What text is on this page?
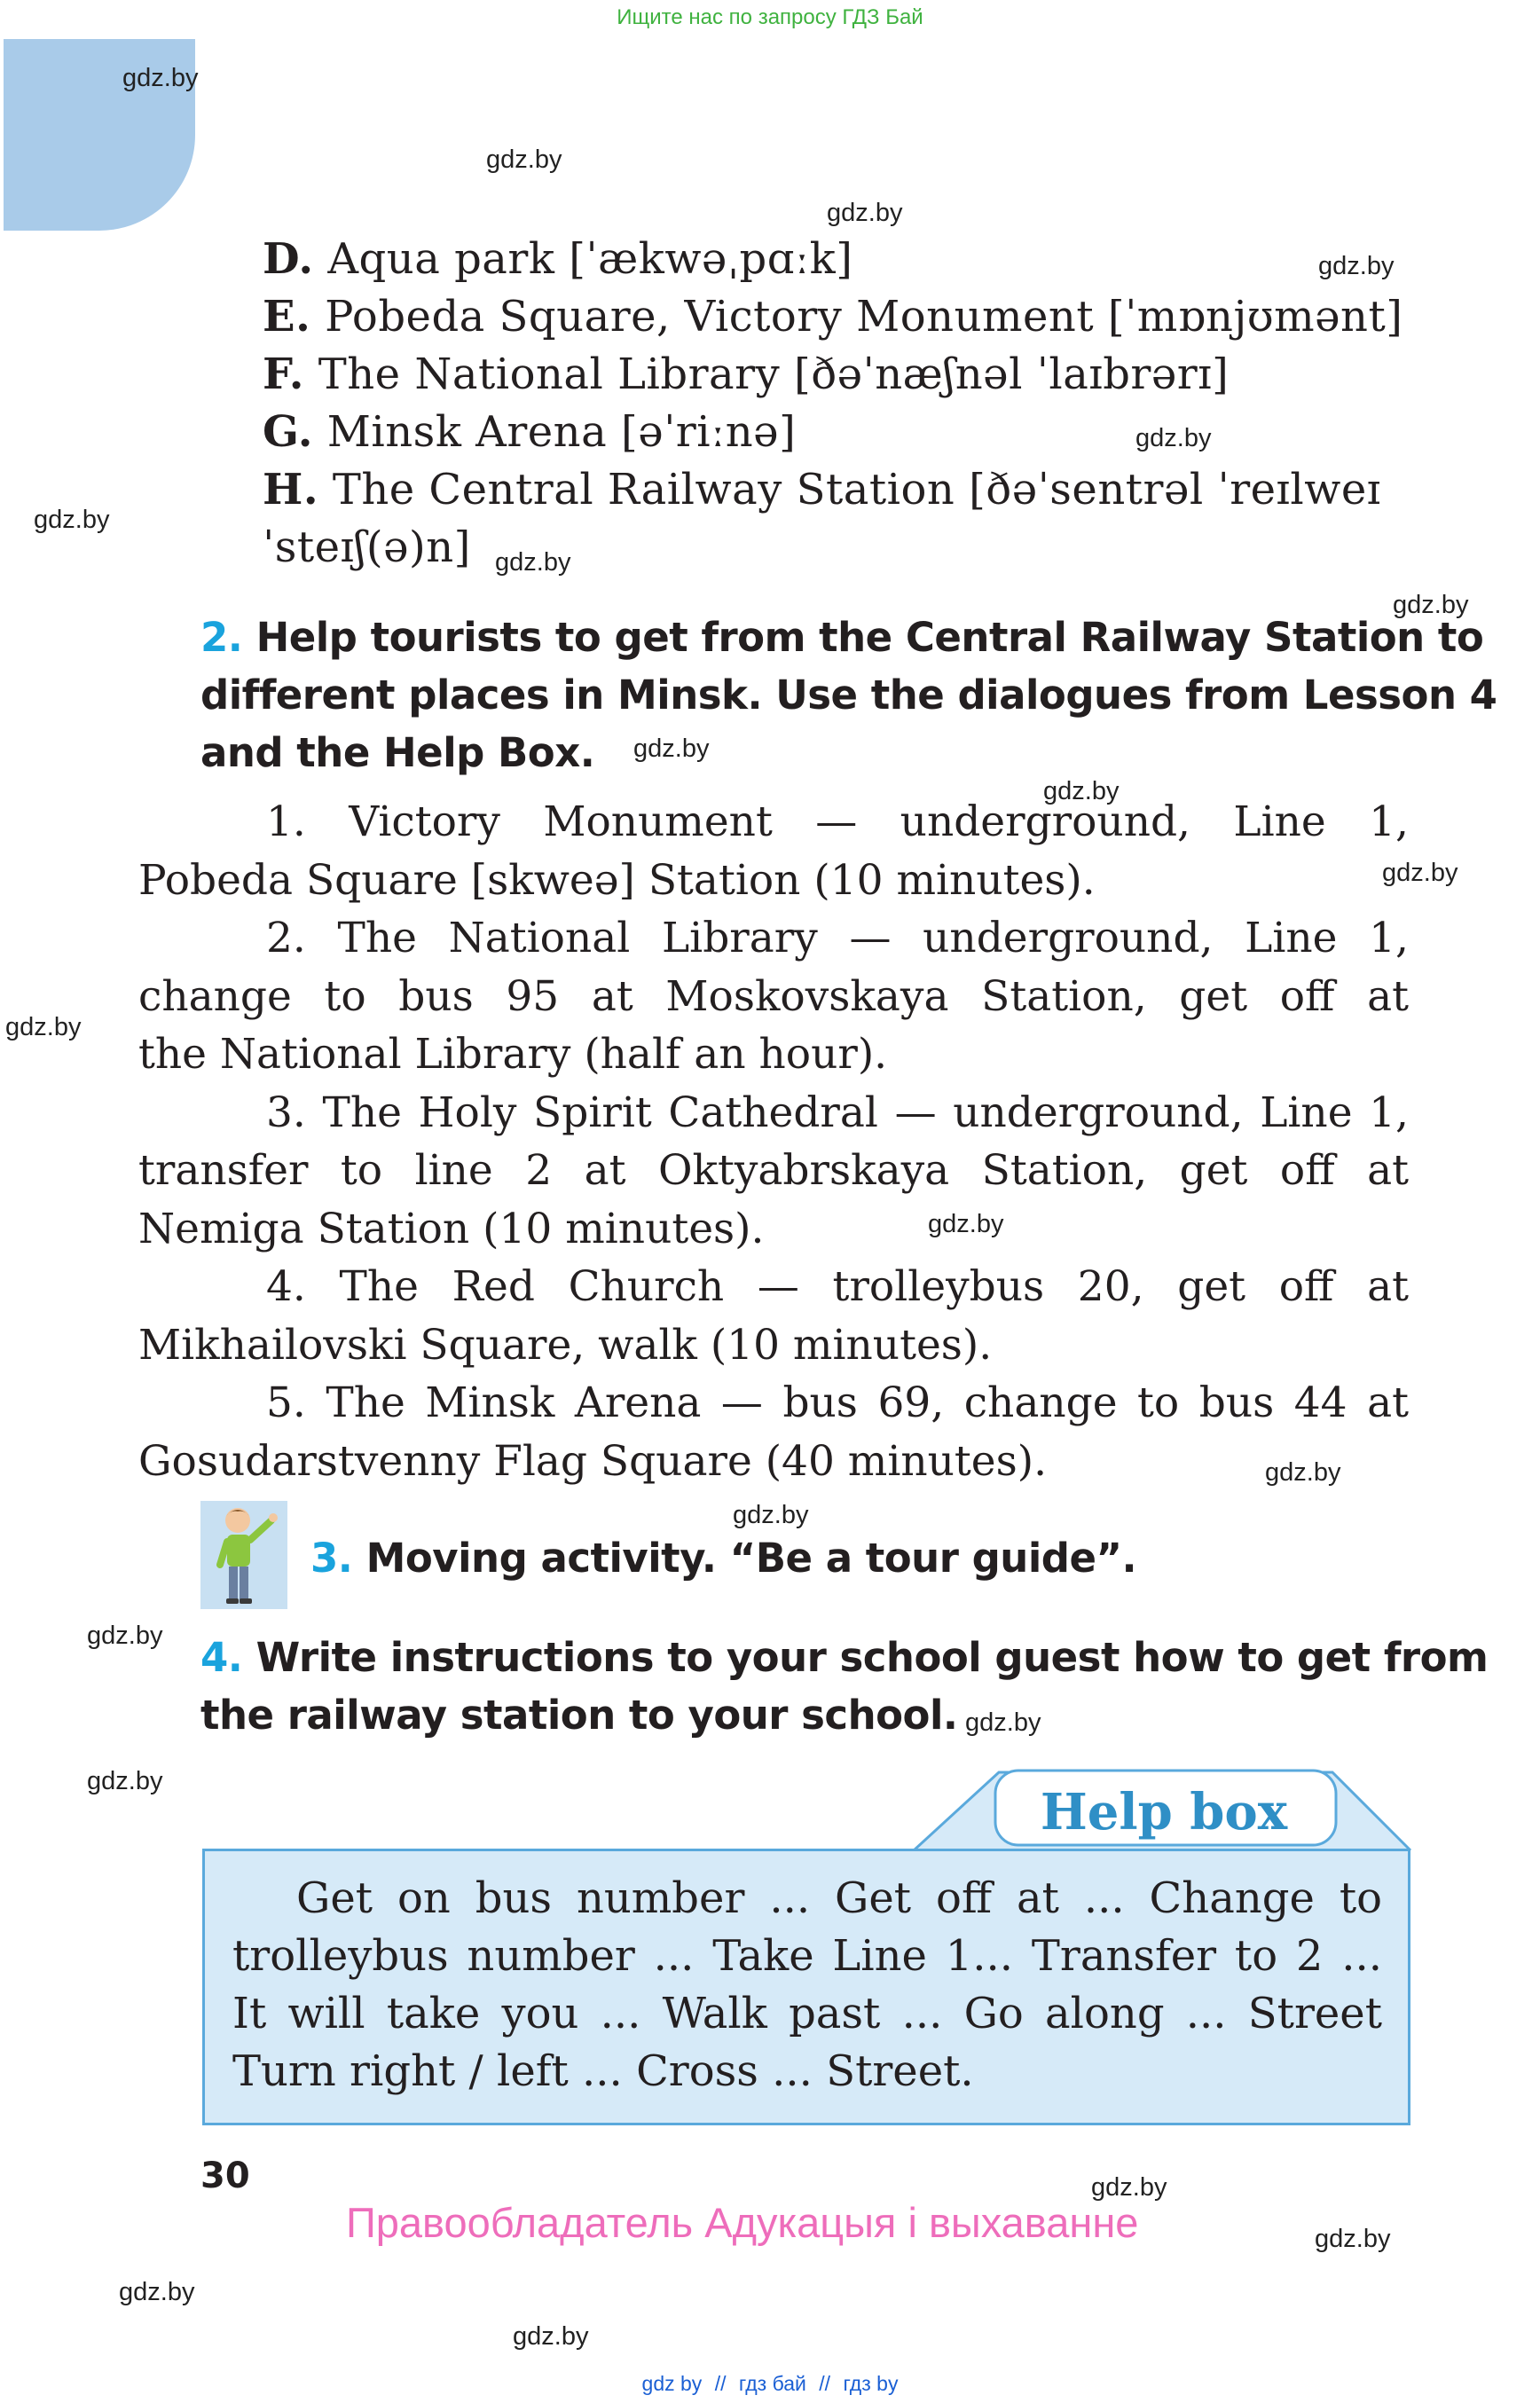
Ищите нас по запросу ГДЗ Бай
gdz.by
gdz.by
gdz.by
gdz.by
gdz.by
gdz.by
gdz.by
gdz.by
gdz.by
gdz.by
gdz.by
gdz.by
gdz.by
gdz.by
gdz.by
gdz.by
gdz.by
gdz.by
gdz.by
gdz.by
gdz.by
gdz.by
D. Aqua park [ˈækwəˌpɑːk]
E. Pobeda Square, Victory Monument [ˈmɒnjʊmənt]
F. The National Library [ðəˈnæʃnəl ˈlaɪbrərɪ]
G. Minsk Arena [əˈriːnə]
H. The Central Railway Station [ðəˈsentrəl ˈreɪlweɪ
ˈsteɪʃ(ə)n]
2. Help tourists to get from the Central Railway Station to
different places in Minsk. Use the dialogues from Lesson 4
and the Help Box.

1. Victory Monument — underground, Line 1,
Pobeda Square [skweə] Station (10 minutes).

2. The National Library — underground, Line 1,
change to bus 95 at Moskovskaya Station, get off at
the National Library (half an hour).

3. The Holy Spirit Cathedral — underground, Line 1,
transfer to line 2 at Oktyabrskaya Station, get off at
Nemiga Station (10 minutes).

4. The Red Church — trolleybus 20, get off at
Mikhailovski Square, walk (10 minutes).

5. The Minsk Arena — bus 69, change to bus 44 at
Gosudarstvenny Flag Square (40 minutes).

3. Moving activity. “Be a tour guide”.
4. Write instructions to your school guest how to get from
the railway station to your school.
Help box
Get on bus number ... Get off at ... Change to
trolleybus number ... Take Line 1... Transfer to 2 ...
It will take you ... Walk past ... Go along ... Street
Turn right / left ... Cross ... Street.
30
Правообладатель Адукацыя і выхаванне
gdz by // гдз бай // гдз by
